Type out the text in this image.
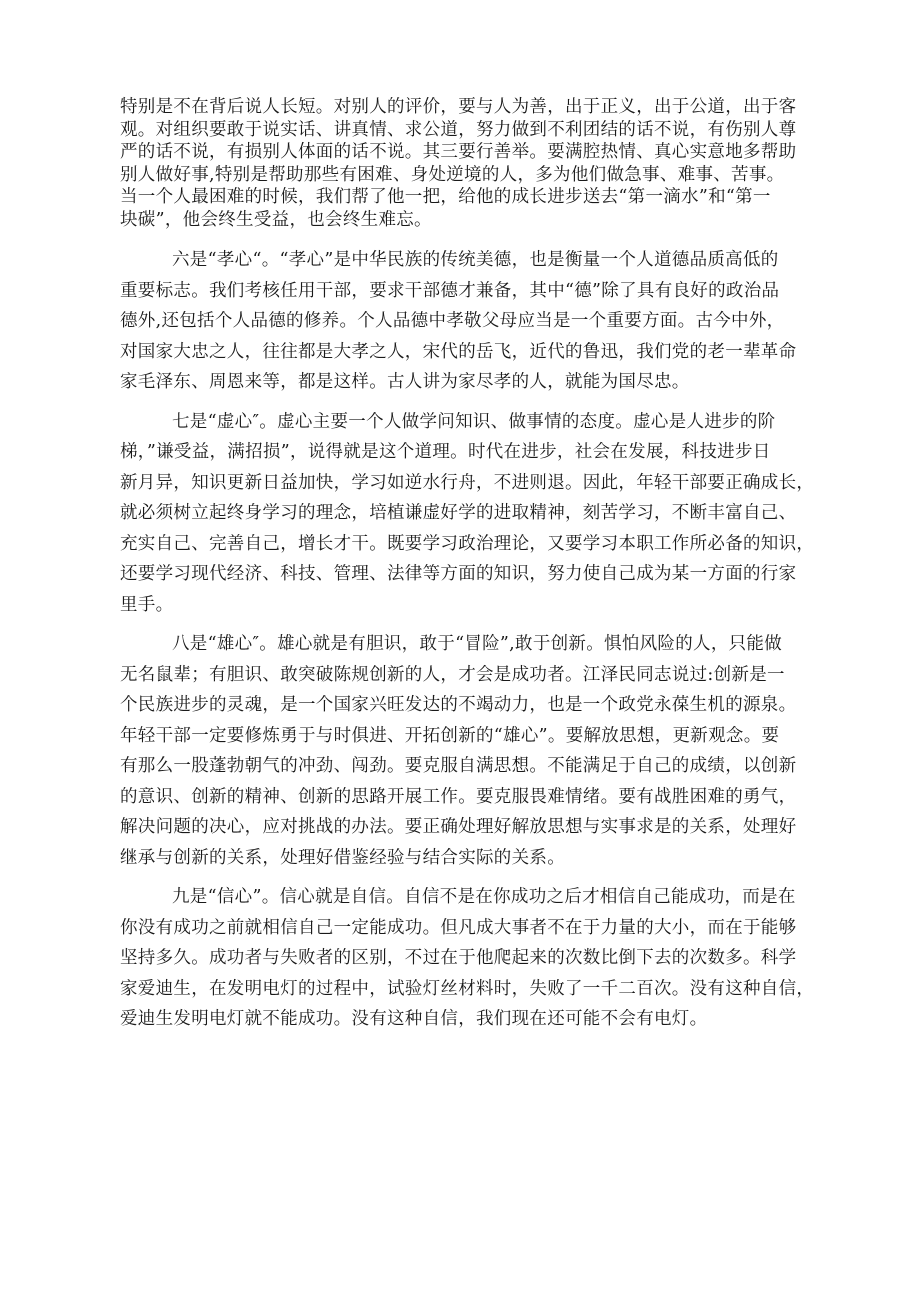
特别是不在背后说人长短。对别人的评价，要与人为善，出于正义，出于公道，出于客
观。对组织要敢于说实话、讲真情、求公道，努力做到不利团结的话不说，有伤别人尊
严的话不说，有损别人体面的话不说。其三要行善举。要满腔热情、真心实意地多帮助
别人做好事,特别是帮助那些有困难、身处逆境的人，多为他们做急事、难事、苦事。
当一个人最困难的时候，我们帮了他一把，给他的成长进步送去“第一滴水”和“第一
块碳”，他会终生受益，也会终生难忘。
六是“孝心“。“孝心”是中华民族的传统美德，也是衡量一个人道德品质高低的
重要标志。我们考核任用干部，要求干部德才兼备，其中“德”除了具有良好的政治品
德外,还包括个人品德的修养。个人品德中孝敬父母应当是一个重要方面。古今中外，
对国家大忠之人，往往都是大孝之人，宋代的岳飞，近代的鲁迅，我们党的老一辈革命
家毛泽东、周恩来等，都是这样。古人讲为家尽孝的人，就能为国尽忠。
七是“虚心″。虚心主要一个人做学问知识、做事情的态度。虚心是人进步的阶
梯，”谦受益，满招损”，说得就是这个道理。时代在进步，社会在发展，科技进步日
新月异，知识更新日益加快，学习如逆水行舟，不进则退。因此，年轻干部要正确成长，
就必须树立起终身学习的理念，培植谦虚好学的进取精神，刻苦学习，不断丰富自己、
充实自己、完善自己，增长才干。既要学习政治理论，又要学习本职工作所必备的知识，
还要学习现代经济、科技、管理、法律等方面的知识，努力使自己成为某一方面的行家
里手。
八是“雄心″。雄心就是有胆识，敢于“冒险”,敢于创新。惧怕风险的人，只能做
无名鼠辈；有胆识、敢突破陈规创新的人，才会是成功者。江泽民同志说过:创新是一
个民族进步的灵魂，是一个国家兴旺发达的不竭动力，也是一个政党永葆生机的源泉。
年轻干部一定要修炼勇于与时俱进、开拓创新的“雄心”。要解放思想，更新观念。要
有那么一股蓬勃朝气的冲劲、闯劲。要克服自满思想。不能满足于自己的成绩，以创新
的意识、创新的精神、创新的思路开展工作。要克服畏难情绪。要有战胜困难的勇气，
解决问题的决心，应对挑战的办法。要正确处理好解放思想与实事求是的关系，处理好
继承与创新的关系，处理好借鉴经验与结合实际的关系。
九是“信心”。信心就是自信。自信不是在你成功之后才相信自己能成功，而是在
你没有成功之前就相信自己一定能成功。但凡成大事者不在于力量的大小，而在于能够
坚持多久。成功者与失败者的区别，不过在于他爬起来的次数比倒下去的次数多。科学
家爱迪生，在发明电灯的过程中，试验灯丝材料时，失败了一千二百次。没有这种自信，
爱迪生发明电灯就不能成功。没有这种自信，我们现在还可能不会有电灯。
